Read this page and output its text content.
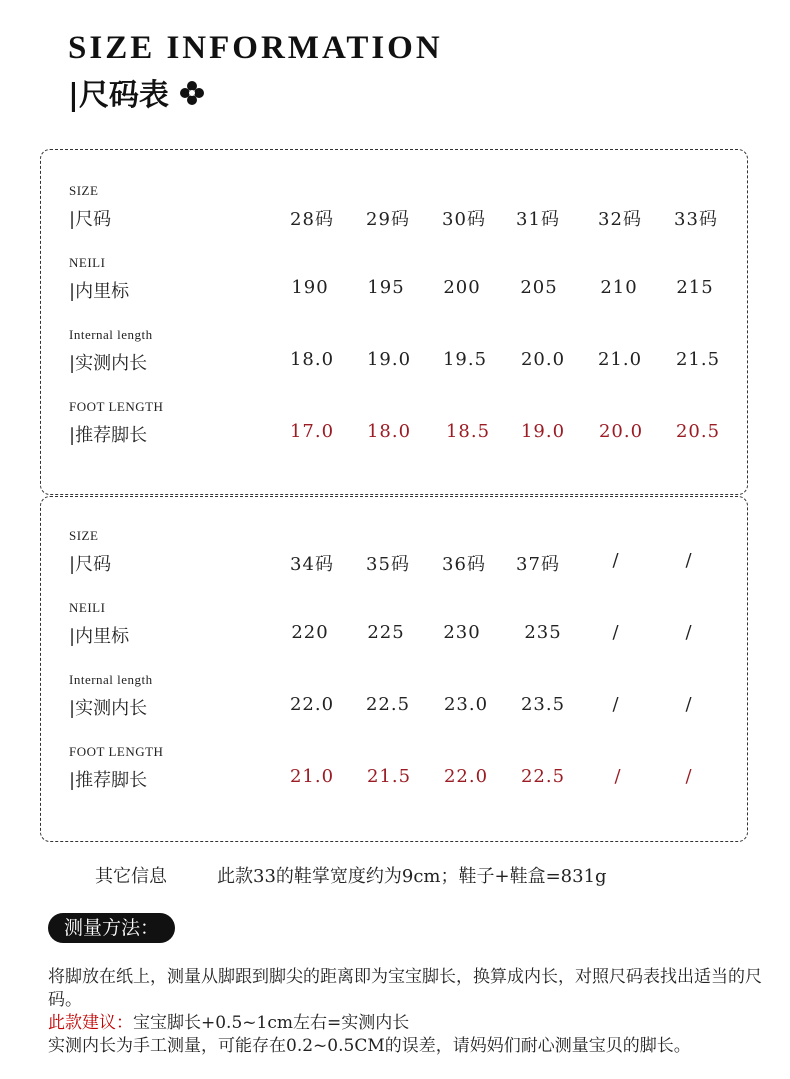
SIZE INFORMATION
|尺码表
SIZE
|尺码	28码	29码	30码	31码	32码	33码
NEILI
|内里标	190	195	200	205	210	215
Internal length
|实测内长	18.0	19.0	19.5	20.0	21.0	21.5
FOOT LENGTH
|推荐脚长	17.0	18.0	18.5	19.0	20.0	20.5
SIZE
|尺码	34码	35码	36码	37码	/	/
NEILI
|内里标	220	225	230	235	/	/
Internal length
|实测内长	22.0	22.5	23.0	23.5	/	/
FOOT LENGTH
|推荐脚长	21.0	21.5	22.0	22.5	/	/
其它信息	此款33的鞋掌宽度约为9cm；鞋子+鞋盒=831g
测量方法：
将脚放在纸上，测量从脚跟到脚尖的距离即为宝宝脚长，换算成内长，对照尺码表找出适当的尺码。
此款建议：宝宝脚长+0.5~1cm左右=实测内长
实测内长为手工测量，可能存在0.2~0.5CM的误差，请妈妈们耐心测量宝贝的脚长。
